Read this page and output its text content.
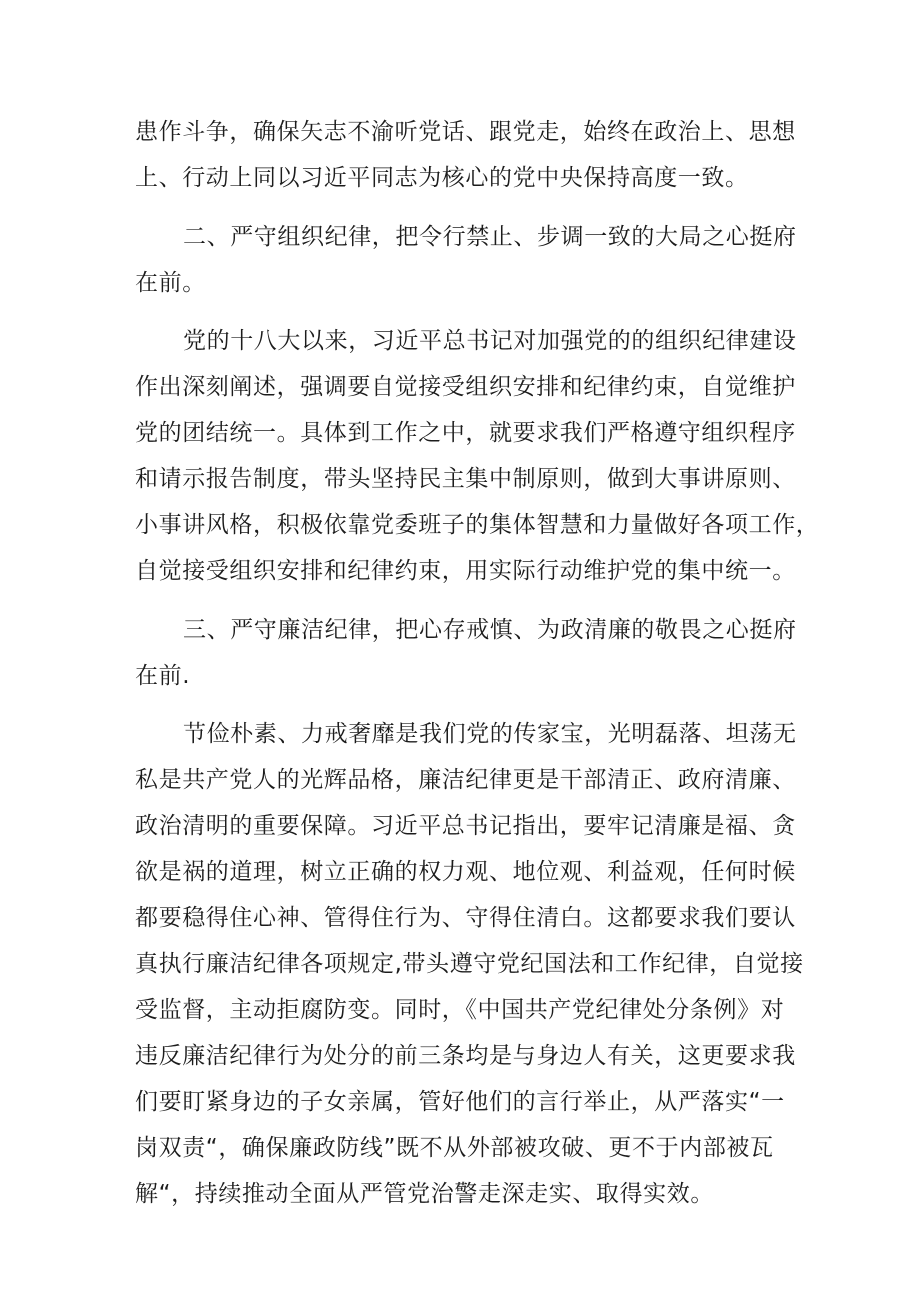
患作斗争，确保矢志不渝听党话、跟党走，始终在政治上、思想
上、行动上同以习近平同志为核心的党中央保持高度一致。
二、严守组织纪律，把令行禁止、步调一致的大局之心挺府
在前。
党的十八大以来，习近平总书记对加强党的的组织纪律建设
作出深刻阐述，强调要自觉接受组织安排和纪律约束，自觉维护
党的团结统一。具体到工作之中，就要求我们严格遵守组织程序
和请示报告制度，带头坚持民主集中制原则，做到大事讲原则、
小事讲风格，积极依靠党委班子的集体智慧和力量做好各项工作，
自觉接受组织安排和纪律约束，用实际行动维护党的集中统一。
三、严守廉洁纪律，把心存戒慎、为政清廉的敬畏之心挺府
在前.
节俭朴素、力戒奢靡是我们党的传家宝，光明磊落、坦荡无
私是共产党人的光辉品格，廉洁纪律更是干部清正、政府清廉、
政治清明的重要保障。习近平总书记指出，要牢记清廉是福、贪
欲是祸的道理，树立正确的权力观、地位观、利益观，任何时候
都要稳得住心神、管得住行为、守得住清白。这都要求我们要认
真执行廉洁纪律各项规定,带头遵守党纪国法和工作纪律，自觉接
受监督，主动拒腐防变。同时，《中国共产党纪律处分条例》对
违反廉洁纪律行为处分的前三条均是与身边人有关，这更要求我
们要盯紧身边的子女亲属，管好他们的言行举止，从严落实“一
岗双责“，确保廉政防线”既不从外部被攻破、更不于内部被瓦
解“，持续推动全面从严管党治警走深走实、取得实效。
